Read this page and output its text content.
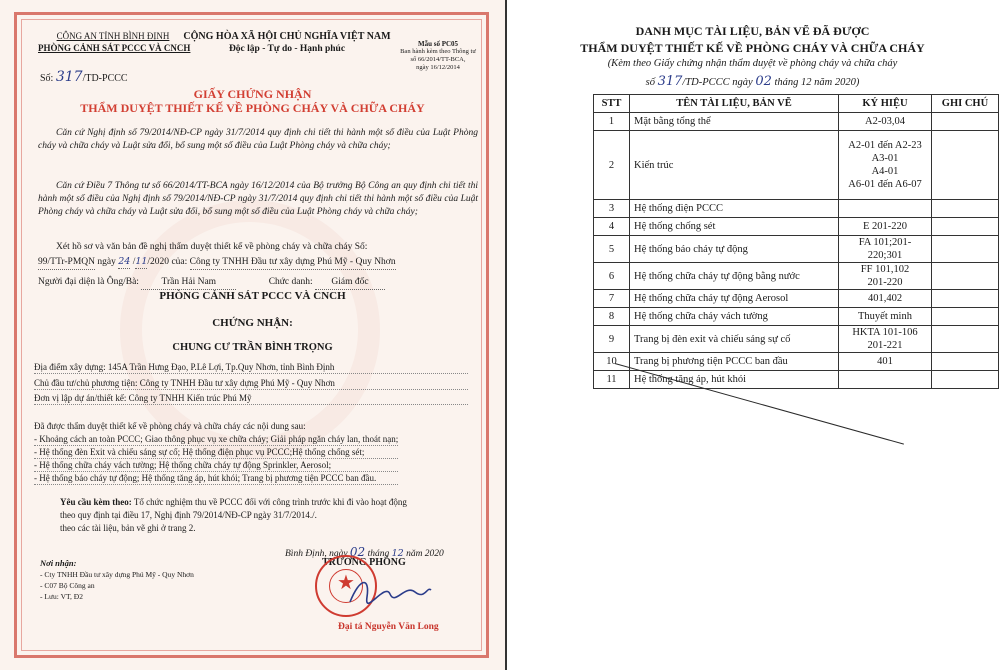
CÔNG AN TỈNH BÌNH ĐỊNH
PHÒNG CẢNH SÁT PCCC VÀ CNCH
CỘNG HÒA XÃ HỘI CHỦ NGHĨA VIỆT NAM
Độc lập - Tự do - Hạnh phúc	Mẫu số PC05
Ban hành kèm theo Thông tư
số 66/2014/TT-BCA,
ngày 16/12/2014
Số: 317/TD-PCCC
GIẤY CHỨNG NHẬN
THẨM DUYỆT THIẾT KẾ VỀ PHÒNG CHÁY VÀ CHỮA CHÁY
Căn cứ Nghị định số 79/2014/NĐ-CP ngày 31/7/2014 quy định chi tiết thi hành một số điều của Luật Phòng cháy và chữa cháy và Luật sửa đổi, bổ sung một số điều của Luật Phòng cháy và chữa cháy;
Căn cứ Điều 7 Thông tư số 66/2014/TT-BCA ngày 16/12/2014 của Bộ trưởng Bộ Công an quy định chi tiết thi hành một số điều của Nghị định số 79/2014/NĐ-CP ngày 31/7/2014 quy định chi tiết thi hành một số điều của Luật Phòng cháy và chữa cháy và Luật sửa đổi, bổ sung một số điều của Luật Phòng cháy và chữa cháy;
Xét hồ sơ và văn bản đề nghị thẩm duyệt thiết kế về phòng cháy và chữa cháy Số:
99/TTr-PMQN ngày 24 /11/2020 của: Công ty TNHH Đầu tư xây dựng Phú Mỹ - Quy Nhơn
Người đại diện là Ông/Bà: Trần Hải Nam	Chức danh: Giám đốc
PHÒNG CẢNH SÁT PCCC VÀ CNCH
CHỨNG NHẬN:
CHUNG CƯ TRẦN BÌNH TRỌNG
Địa điểm xây dựng: 145A Trần Hưng Đạo, P.Lê Lợi, Tp.Quy Nhơn, tỉnh Bình Định
Chủ đầu tư/chủ phương tiện: Công ty TNHH Đầu tư xây dựng Phú Mỹ - Quy Nhơn
Đơn vị lập dự án/thiết kế: Công ty TNHH Kiến trúc Phú Mỹ
Đã được thẩm duyệt thiết kế về phòng cháy và chữa cháy các nội dung sau:
- Khoảng cách an toàn PCCC; Giao thông phục vụ xe chữa cháy; Giải pháp ngăn cháy lan, thoát nạn;
- Hệ thống đèn Exit và chiếu sáng sự cố; Hệ thống điện phục vụ PCCC;Hệ thống chống sét;
- Hệ thống chữa cháy vách tường; Hệ thống chữa cháy tự động Sprinkler, Aerosol;
- Hệ thống báo cháy tự động; Hệ thống tăng áp, hút khói; Trang bị phương tiện PCCC ban đầu.
Yêu cầu kèm theo: Tổ chức nghiệm thu về PCCC đối với công trình trước khi đi vào hoạt động
theo quy định tại điều 17, Nghị định 79/2014/NĐ-CP ngày 31/7/2014./.
theo các tài liệu, bản vẽ ghi ở trang 2.
Bình Định, ngày 02 tháng 12 năm 2020
TRƯỞNG PHÒNG
★
Đại tá Nguyễn Văn Long
Nơi nhận:
- Cty TNHH Đầu tư xây dựng Phú Mỹ - Quy Nhơn
- C07 Bộ Công an
- Lưu: VT, Đ2
DANH MỤC TÀI LIỆU, BẢN VẼ ĐÃ ĐƯỢC
THẨM DUYỆT THIẾT KẾ VỀ PHÒNG CHÁY VÀ CHỮA CHÁY
(Kèm theo Giấy chứng nhận thẩm duyệt về phòng cháy và chữa cháy
số 317/TD-PCCC ngày 02 tháng 12 năm 2020)
STT	TÊN TÀI LIỆU, BẢN VẼ	KÝ HIỆU	GHI CHÚ
1	Mặt bằng tổng thể	A2-03,04	
2	Kiến trúc	A2-01 đến A2-23
A3-01
A4-01
A6-01 đến A6-07	
3	Hệ thống điện PCCC		
4	Hệ thống chống sét	E 201-220	
5	Hệ thống báo cháy tự động	FA 101;201-
220;301	
6	Hệ thống chữa cháy tự động bằng nước	FF 101,102
201-220	
7	Hệ thống chữa cháy tự động Aerosol	401,402	
8	Hệ thống chữa cháy vách tường	Thuyết minh	
9	Trang bị đèn exit và chiếu sáng sự cố	HKTA 101-106
201-221	
10	Trang bị phương tiện PCCC ban đầu	401	
11	Hệ thống tăng áp, hút khói		
